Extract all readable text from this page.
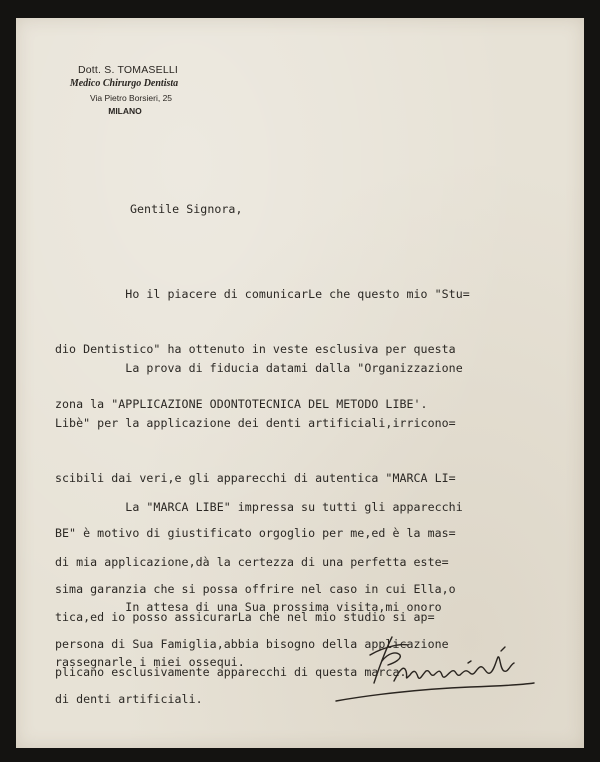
Dott. S. TOMASELLI
Medico Chirurgo Dentista
Via Pietro Borsieri, 25
MILANO
Gentile Signora,

Ho il piacere di comunicarLe che questo mio "Stu=

dio Dentistico" ha ottenuto in veste esclusiva per questa

zona la "APPLICAZIONE ODONTOTECNICA DEL METODO LIBE'.

La prova di fiducia datami dalla "Organizzazione

Libè" per la applicazione dei denti artificiali,irricono=

scibili dai veri,e gli apparecchi di autentica "MARCA LI=

BE" è motivo di giustificato orgoglio per me,ed è la mas=

sima garanzia che si possa offrire nel caso in cui Ella,o

persona di Sua Famiglia,abbia bisogno della applicazione

di denti artificiali.

La "MARCA LIBE" impressa su tutti gli apparecchi

di mia applicazione,dà la certezza di una perfetta este=

tica,ed io posso assicurarLa che nel mio studio si ap=

plicano esclusivamente apparecchi di questa marca.

In attesa di una Sua prossima visita,mi onoro

rassegnarle i miei ossequi.
